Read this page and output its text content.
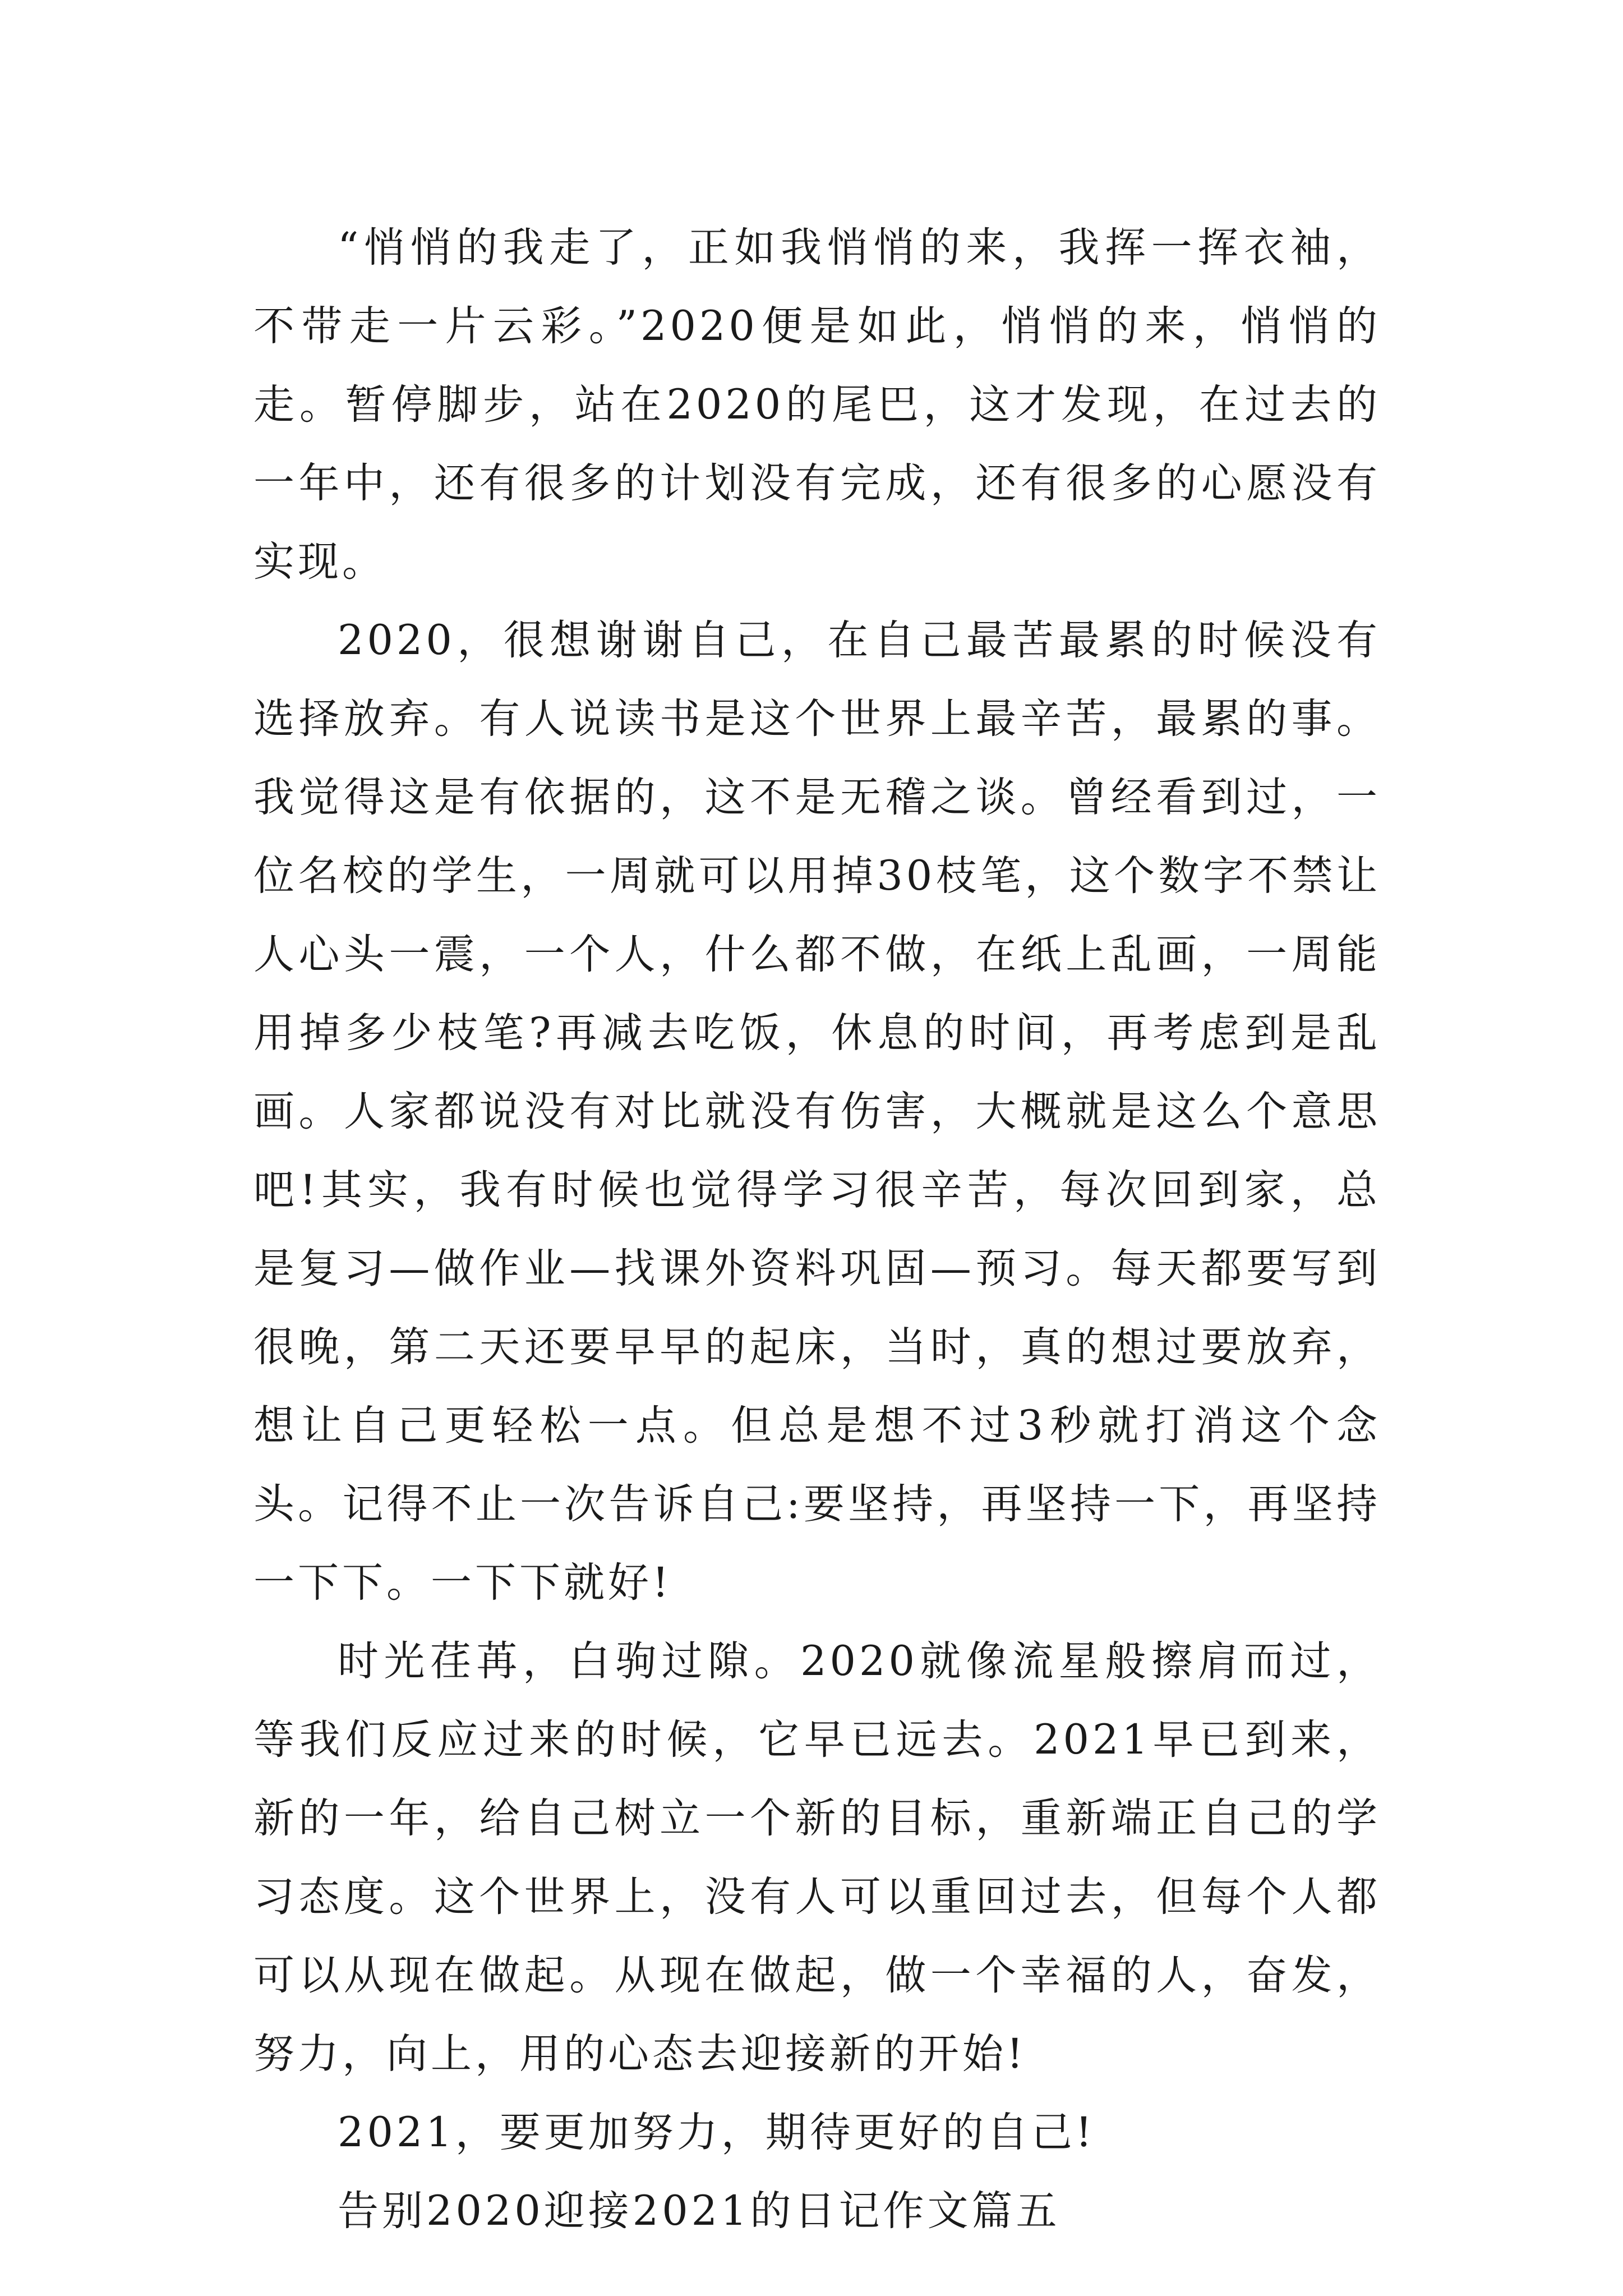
“悄悄的我走了，正如我悄悄的来，我挥一挥衣袖，不带走一片云彩。”2020便是如此，悄悄的来，悄悄的走。暂停脚步，站在2020的尾巴，这才发现，在过去的一年中，还有很多的计划没有完成，还有很多的心愿没有实现。

2020，很想谢谢自己，在自己最苦最累的时候没有选择放弃。有人说读书是这个世界上最辛苦，最累的事。我觉得这是有依据的，这不是无稽之谈。曾经看到过，一位名校的学生，一周就可以用掉30枝笔，这个数字不禁让人心头一震，一个人，什么都不做，在纸上乱画，一周能用掉多少枝笔?再减去吃饭，休息的时间，再考虑到是乱画。人家都说没有对比就没有伤害，大概就是这么个意思吧!其实，我有时候也觉得学习很辛苦，每次回到家，总是复习—做作业—找课外资料巩固—预习。每天都要写到很晚，第二天还要早早的起床，当时，真的想过要放弃，想让自己更轻松一点。但总是想不过3秒就打消这个念头。记得不止一次告诉自己:要坚持，再坚持一下，再坚持一下下。一下下就好!

时光荏苒，白驹过隙。2020就像流星般擦肩而过，等我们反应过来的时候，它早已远去。2021早已到来，新的一年，给自己树立一个新的目标，重新端正自己的学习态度。这个世界上，没有人可以重回过去，但每个人都可以从现在做起。从现在做起，做一个幸福的人，奋发，努力，向上，用的心态去迎接新的开始!

2021，要更加努力，期待更好的自己!

告别2020迎接2021的日记作文篇五
